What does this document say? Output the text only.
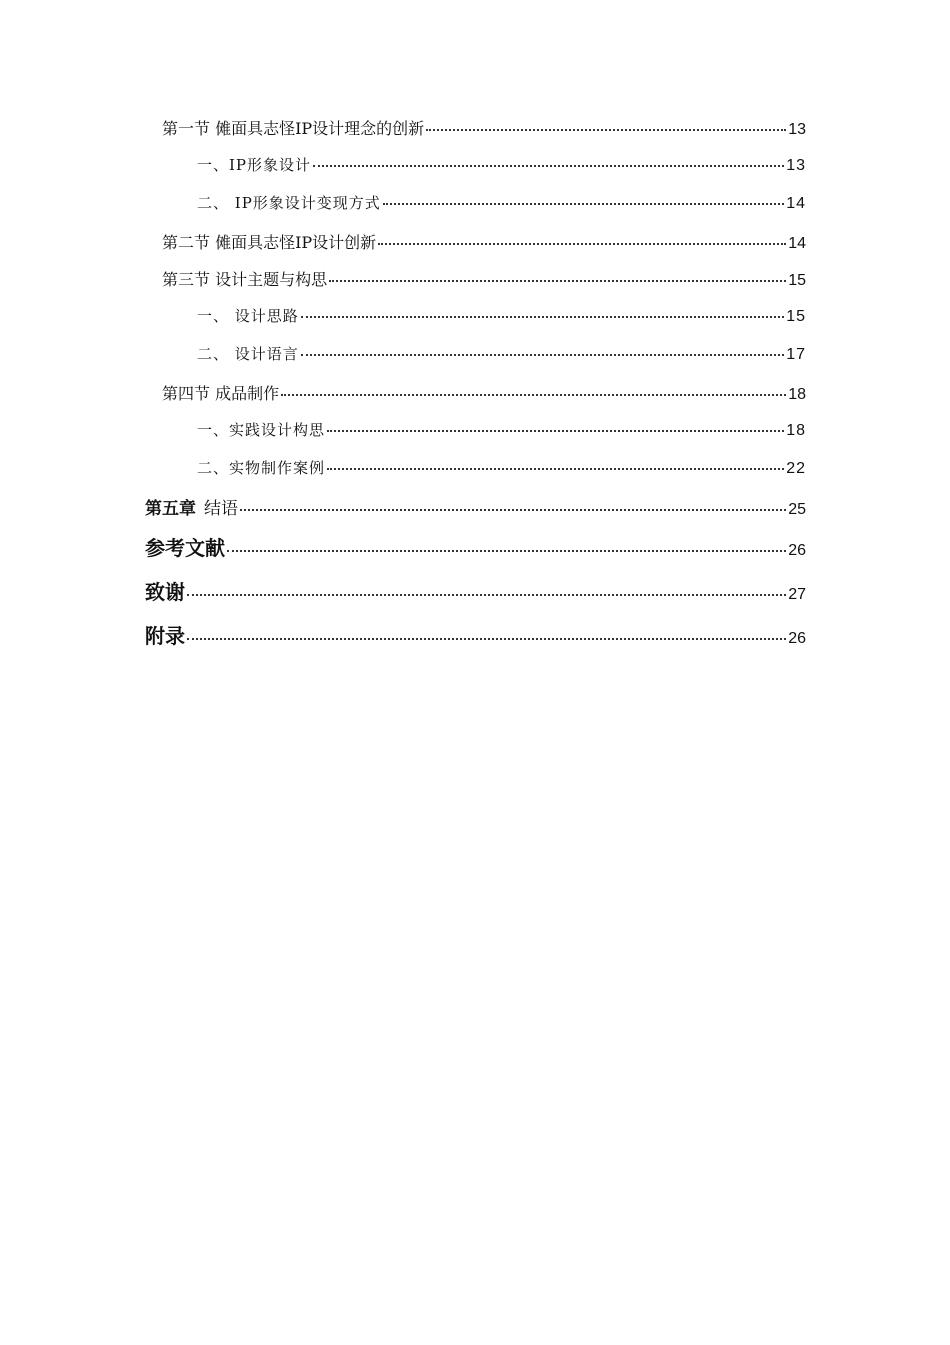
第一节 傩面具志怪IP设计理念的创新	13
一、IP形象设计	13
二、 IP形象设计变现方式	14
第二节 傩面具志怪IP设计创新	14
第三节 设计主题与构思	15
一、 设计思路	15
二、 设计语言	17
第四节 成品制作	18
一、实践设计构思	18
二、实物制作案例	22
第五章 结语	25
参考文献	26
致谢	27
附录	26
